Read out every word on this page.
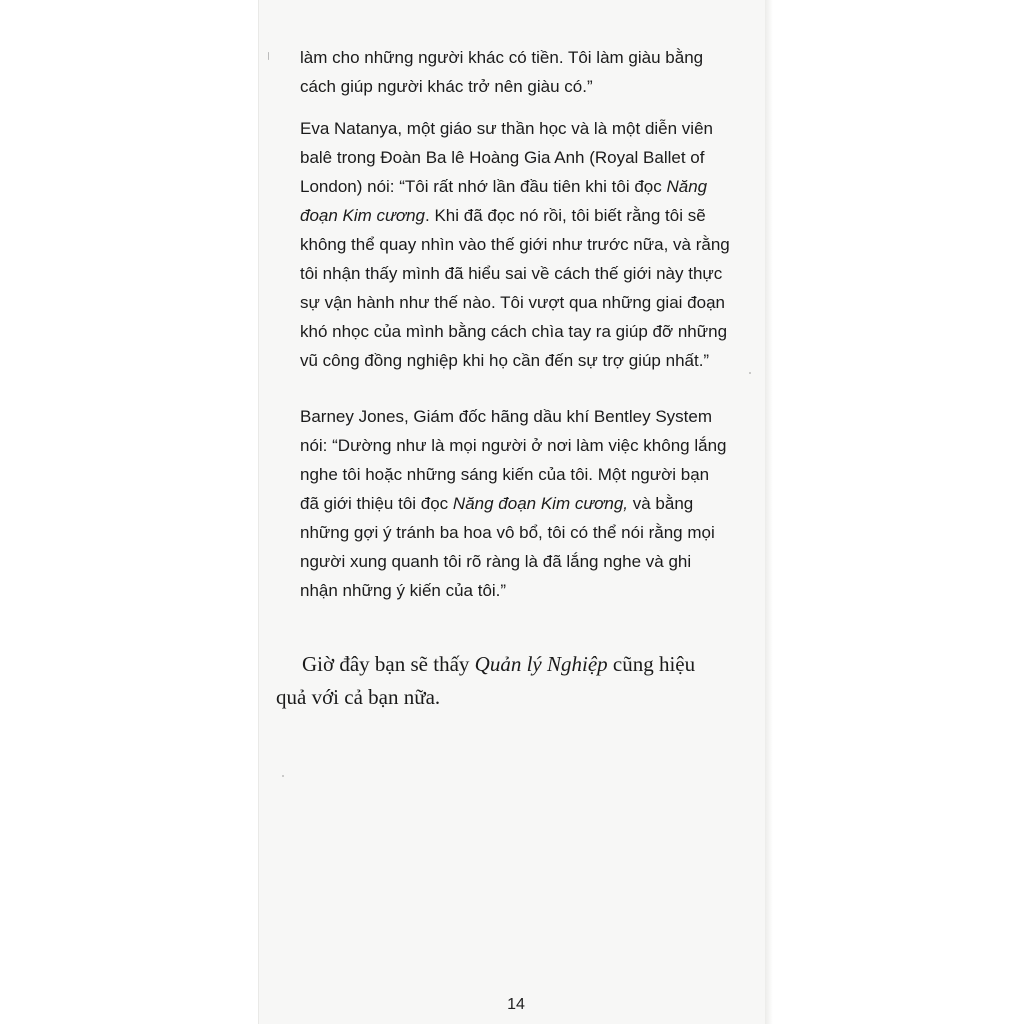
làm cho những người khác có tiền. Tôi làm giàu bằng
cách giúp người khác trở nên giàu có.”
Eva Natanya, một giáo sư thần học và là một diễn viên
balê trong Đoàn Ba lê Hoàng Gia Anh (Royal Ballet of
London) nói: “Tôi rất nhớ lần đầu tiên khi tôi đọc Năng
đoạn Kim cương. Khi đã đọc nó rồi, tôi biết rằng tôi sẽ
không thể quay nhìn vào thế giới như trước nữa, và rằng
tôi nhận thấy mình đã hiểu sai về cách thế giới này thực
sự vận hành như thế nào. Tôi vượt qua những giai đoạn
khó nhọc của mình bằng cách chìa tay ra giúp đỡ những
vũ công đồng nghiệp khi họ cần đến sự trợ giúp nhất.”
Barney Jones, Giám đốc hãng dầu khí Bentley System
nói: “Dường như là mọi người ở nơi làm việc không lắng
nghe tôi hoặc những sáng kiến của tôi. Một người bạn
đã giới thiệu tôi đọc Năng đoạn Kim cương, và bằng
những gợi ý tránh ba hoa vô bổ, tôi có thể nói rằng mọi
người xung quanh tôi rõ ràng là đã lắng nghe và ghi
nhận những ý kiến của tôi.”
Giờ đây bạn sẽ thấy Quản lý Nghiệp cũng hiệu
quả với cả bạn nữa.
14
